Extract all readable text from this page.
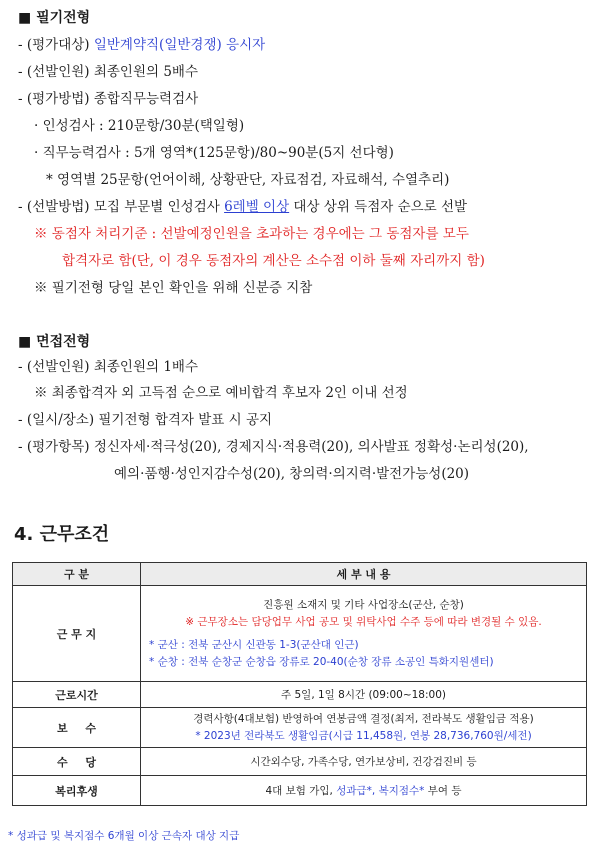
■ 필기전형
- (평가대상) 일반계약직(일반경쟁) 응시자
- (선발인원) 최종인원의 5배수
- (평가방법) 종합직무능력검사
· 인성검사 : 210문항/30분(택일형)
· 직무능력검사 : 5개 영역*(125문항)/80~90분(5지 선다형)
* 영역별 25문항(언어이해, 상황판단, 자료점검, 자료해석, 수열추리)
- (선발방법) 모집 부문별 인성검사 6레벨 이상 대상 상위 득점자 순으로 선발
※ 동점자 처리기준 : 선발예정인원을 초과하는 경우에는 그 동점자를 모두
합격자로 함(단, 이 경우 동점자의 계산은 소수점 이하 둘째 자리까지 함)
※ 필기전형 당일 본인 확인을 위해 신분증 지참
■ 면접전형
- (선발인원) 최종인원의 1배수
※ 최종합격자 외 고득점 순으로 예비합격 후보자 2인 이내 선정
- (일시/장소) 필기전형 합격자 발표 시 공지
- (평가항목) 정신자세·적극성(20), 경제지식·적용력(20), 의사발표 정확성·논리성(20),
예의·품행·성인지감수성(20), 창의력·의지력·발전가능성(20)
4. 근무조건
구 분	세 부 내 용
근 무 지	진흥원 소재지 및 기타 사업장소(군산, 순창)
※ 근무장소는 담당업무 사업 공모 및 위탁사업 수주 등에 따라 변경될 수 있음.
* 군산 : 전북 군산시 신관동 1-3(군산대 인근)
* 순창 : 전북 순창군 순창읍 장류로 20-40(순창 장류 소공인 특화지원센터)

근로시간	주 5일, 1일 8시간 (09:00~18:00)
보 수	경력사항(4대보험) 반영하여 연봉금액 결정(최저, 전라북도 생활임금 적용)
* 2023년 전라북도 생활임금(시급 11,458원, 연봉 28,736,760원/세전)

수 당	시간외수당, 가족수당, 연가보상비, 건강검진비 등
복리후생	4대 보험 가입, 성과급*, 복지점수* 부여 등
* 성과급 및 복지점수 6개월 이상 근속자 대상 지급
